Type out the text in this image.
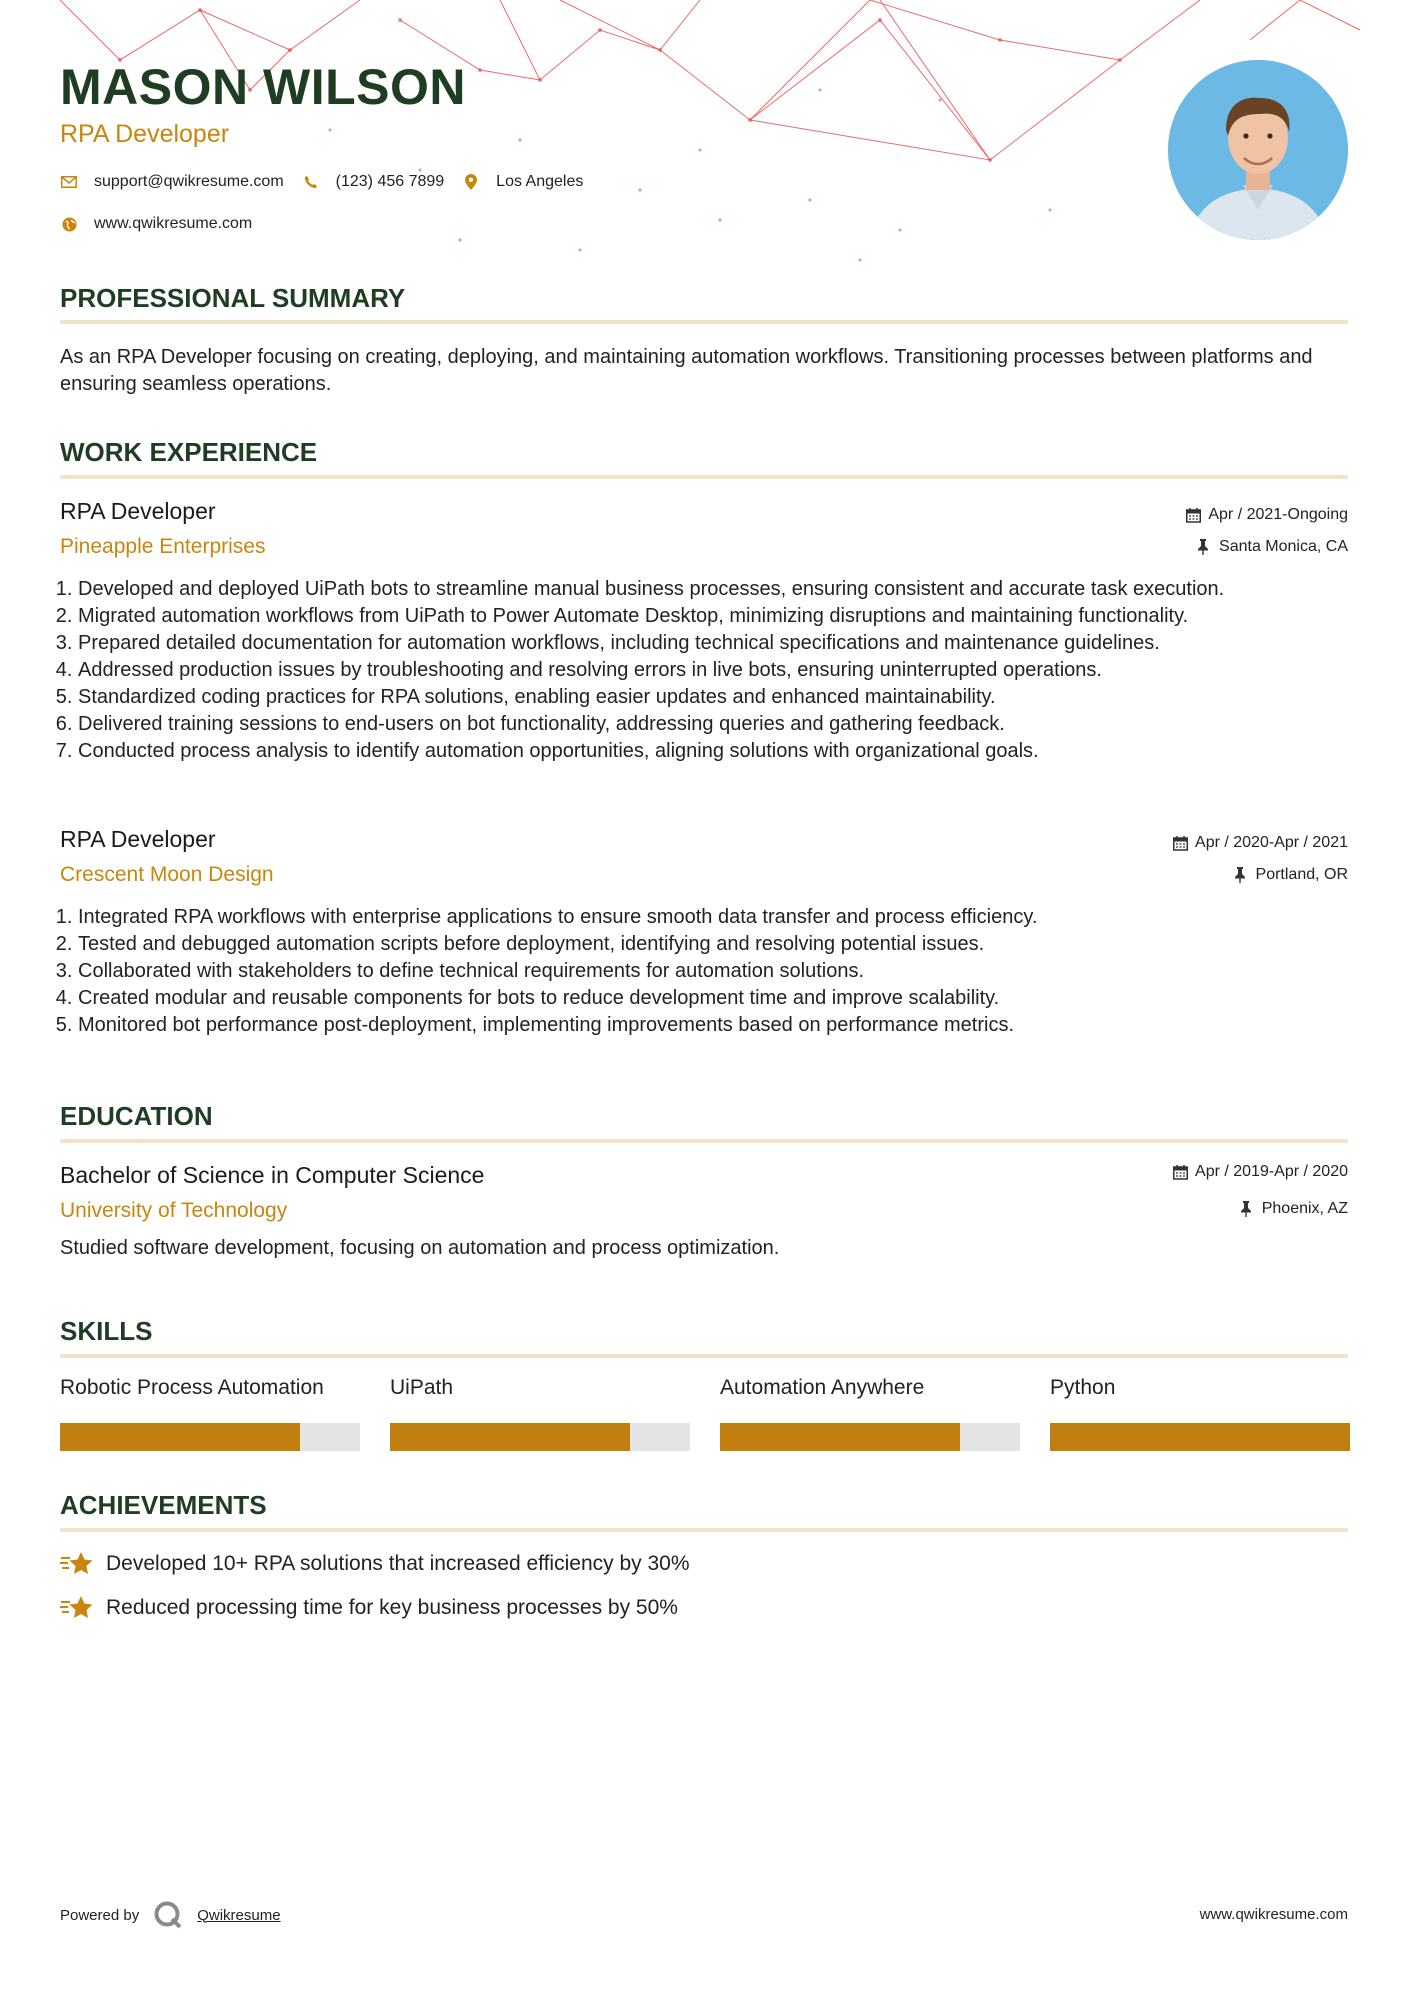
MASON WILSON
RPA Developer
support@qwikresume.com	(123) 456 7899	Los Angeles
www.qwikresume.com
PROFESSIONAL SUMMARY
As an RPA Developer focusing on creating, deploying, and maintaining automation workflows. Transitioning processes between platforms and ensuring seamless operations.
WORK EXPERIENCE
RPA Developer
Pineapple Enterprises
Apr / 2021-Ongoing
Santa Monica, CA
1. Developed and deployed UiPath bots to streamline manual business processes, ensuring consistent and accurate task execution.
2. Migrated automation workflows from UiPath to Power Automate Desktop, minimizing disruptions and maintaining functionality.
3. Prepared detailed documentation for automation workflows, including technical specifications and maintenance guidelines.
4. Addressed production issues by troubleshooting and resolving errors in live bots, ensuring uninterrupted operations.
5. Standardized coding practices for RPA solutions, enabling easier updates and enhanced maintainability.
6. Delivered training sessions to end-users on bot functionality, addressing queries and gathering feedback.
7. Conducted process analysis to identify automation opportunities, aligning solutions with organizational goals.
RPA Developer
Crescent Moon Design
Apr / 2020-Apr / 2021
Portland, OR
1. Integrated RPA workflows with enterprise applications to ensure smooth data transfer and process efficiency.
2. Tested and debugged automation scripts before deployment, identifying and resolving potential issues.
3. Collaborated with stakeholders to define technical requirements for automation solutions.
4. Created modular and reusable components for bots to reduce development time and improve scalability.
5. Monitored bot performance post-deployment, implementing improvements based on performance metrics.
EDUCATION
Bachelor of Science in Computer Science
University of Technology
Apr / 2019-Apr / 2020
Phoenix, AZ
Studied software development, focusing on automation and process optimization.
SKILLS
Robotic Process Automation	UiPath	Automation Anywhere	Python
ACHIEVEMENTS
Developed 10+ RPA solutions that increased efficiency by 30%
Reduced processing time for key business processes by 50%
Powered by	Qwikresume	www.qwikresume.com
